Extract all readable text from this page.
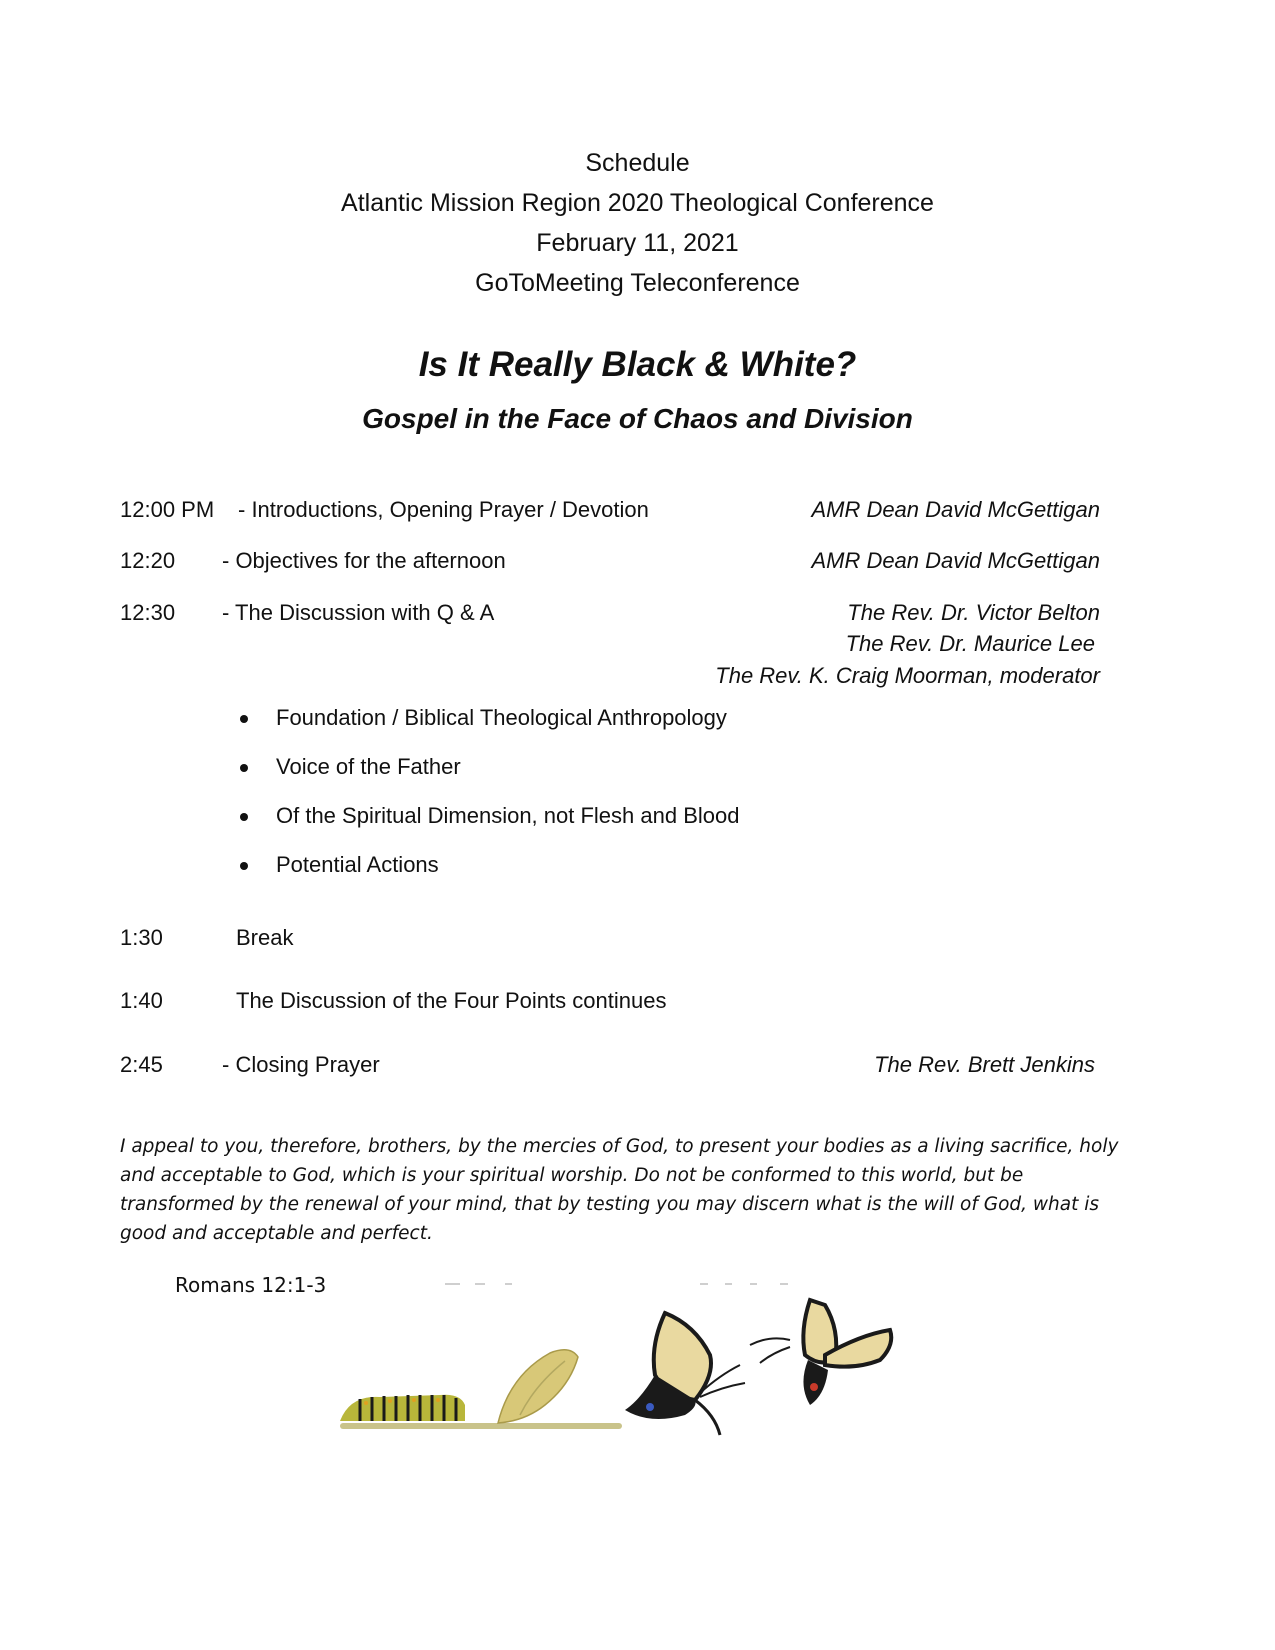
Schedule
Atlantic Mission Region 2020 Theological Conference
February 11, 2021
GoToMeeting Teleconference
Is It Really Black & White?
Gospel in the Face of Chaos and Division
12:00 PM - Introductions, Opening Prayer / Devotion	AMR Dean David McGettigan
12:20 - Objectives for the afternoon	AMR Dean David McGettigan
12:30 - The Discussion with Q & A	The Rev. Dr. Victor Belton
The Rev. Dr. Maurice Lee
The Rev. K. Craig Moorman, moderator
Foundation / Biblical Theological Anthropology
Voice of the Father
Of the Spiritual Dimension, not Flesh and Blood
Potential Actions
1:30	Break
1:40	The Discussion of the Four Points continues
2:45	- Closing Prayer	The Rev. Brett Jenkins
I appeal to you, therefore, brothers, by the mercies of God, to present your bodies as a living sacrifice, holy and acceptable to God, which is your spiritual worship. Do not be conformed to this world, but be transformed by the renewal of your mind, that by testing you may discern what is the will of God, what is good and acceptable and perfect.
Romans 12:1-3
